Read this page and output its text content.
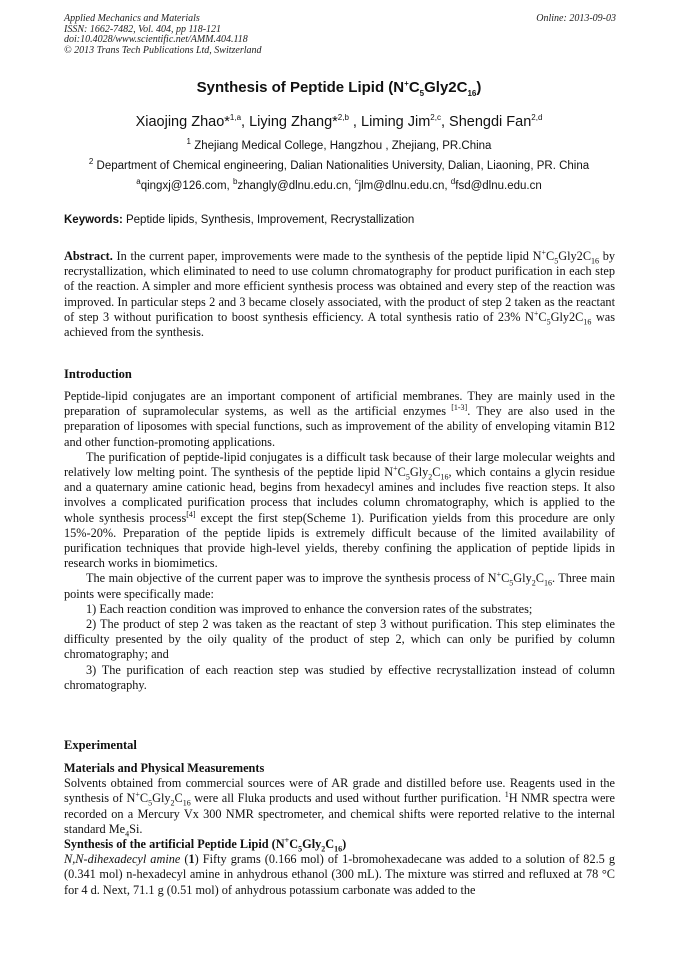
Applied Mechanics and Materials
ISSN: 1662-7482, Vol. 404, pp 118-121
doi:10.4028/www.scientific.net/AMM.404.118
© 2013 Trans Tech Publications Ltd, Switzerland
Online: 2013-09-03
Synthesis of Peptide Lipid $(N^+C_5Gly2C_{16})$
Xiaojing Zhao*$^{1,a}$, Liying Zhang*$^{2,b}$ , Liming Jim$^{2,c}$, Shengdi Fan$^{2,d}$
$^1$ Zhejiang Medical College, Hangzhou , Zhejiang, PR.China
$^2$ Department of Chemical engineering, Dalian Nationalities University, Dalian, Liaoning, PR. China
$^a$qingxj@126.com, $^b$zhangly@dlnu.edu.cn, $^c$jlm@dlnu.edu.cn, $^d$fsd@dlnu.edu.cn
Keywords: Peptide lipids, Synthesis, Improvement, Recrystallization

Abstract. In the current paper, improvements were made to the synthesis of the peptide lipid $N^+C_5Gly2C_{16}$ by recrystallization, which eliminated to need to use column chromatography for product purification in each step of the reaction. A simpler and more efficient synthesis process was obtained and every step of the reaction was improved. In particular steps 2 and 3 became closely associated, with the product of step 2 taken as the reactant of step 3 without purification to boost synthesis efficiency. A total synthesis ratio of 23% $N^+C_5Gly2C_{16}$ was achieved from the synthesis.

Introduction

Peptide-lipid conjugates are an important component of artificial membranes. They are mainly used in the preparation of supramolecular systems, as well as the artificial enzymes [1-3]. They are also used in the preparation of liposomes with special functions, such as improvement of the ability of enveloping vitamin B12 and other function-promoting applications.

The purification of peptide-lipid conjugates is a difficult task because of their large molecular weights and relatively low melting point. The synthesis of the peptide lipid $N^+C_5Gly_2C_{16}$, which contains a glycin residue and a quaternary amine cationic head, begins from hexadecyl amines and includes five reaction steps. It also involves a complicated purification process that includes column chromatography, which is applied to the whole synthesis process[4] except the first step(Scheme 1). Purification yields from this procedure are only 15%-20%. Preparation of the peptide lipids is extremely difficult because of the limited availability of purification techniques that provide high-level yields, thereby confining the application of peptide lipids in research works in biomimetics.

The main objective of the current paper was to improve the synthesis process of $N^+C_5Gly_2C_{16}$. Three main points were specifically made:

1) Each reaction condition was improved to enhance the conversion rates of the substrates;

2) The product of step 2 was taken as the reactant of step 3 without purification. This step eliminates the difficulty presented by the oily quality of the product of step 2, which can only be purified by column chromatography; and

3) The purification of each reaction step was studied by effective recrystallization instead of column chromatography.

Experimental

Materials and Physical Measurements

Solvents obtained from commercial sources were of AR grade and distilled before use. Reagents used in the synthesis of $N^+C_5Gly_2C_{16}$ were all Fluka products and used without further purification. $^1$H NMR spectra were recorded on a Mercury Vx 300 NMR spectrometer, and chemical shifts were reported relative to the internal standard $Me_4Si$.

Synthesis of the artificial Peptide Lipid $(N^+C_5Gly_2C_{16})$

N,N-dihexadecyl amine (1) Fifty grams (0.166 mol) of 1-bromohexadecane was added to a solution of 82.5 g (0.341 mol) n-hexadecyl amine in anhydrous ethanol (300 mL). The mixture was stirred and refluxed at 78 °C for 4 d. Next, 71.1 g (0.51 mol) of anhydrous potassium carbonate was added to the
